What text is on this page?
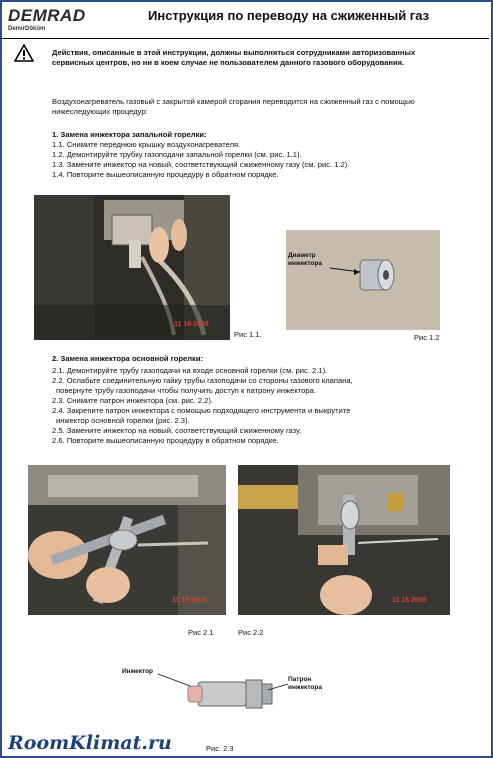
DEMRAD
DemirDöküm
Инструкция по переводу на сжиженный газ
Действия, описанные в этой инструкции, должны выполняться сотрудниками авторизованных сервисных центров, но ни в коем случае не пользователем данного газового оборудования.
Воздухонагреватель газовый с закрытой камерой сгорания переводится на сжиженный газ с помощью нижеследующих процедур:
1. Замена инжектора запальной горелки:
1.1. Снимите переднюю крышку воздухонагревателя.
1.2. Демонтируйте трубку газоподачи запальной горелки (см. рис. 1.1).
1.3. Замените инжектор на новый, соответствующий сжиженному газу (см. рис. 1.2).
1.4. Повторите вышеописанную процедуру в обратном порядке.
11 16 2005
Рис 1.1.
Диаметр инжектора
Рис 1.2
2. Замена инжектора основной горелки:
2.1. Демонтируйте трубу газоподачи на входе основной горелки (см. рис. 2.1).
2.2. Ослабьте соединительную гайку трубы газоподачи со стороны газового клапана,
повернуте трубу газоподачи чтобы получить доступ к патрону инжектора.
2.3. Снимите патрон инжектора (см. рис. 2.2).
2.4. Закрепите патрон инжектора с помощью подходящего инструмента и выкрутите
инжектор основной горелки (рис. 2.3).
2.5. Замените инжектор на новый, соответствующий сжиженному газу.
2.6. Повторите вышеописанную процедуру в обратном порядке.
11 16 2005	11 16 2005
Рис 2.1	Рис 2.2
Инжектор
Патрон инжектора
Рис. 2.3
RoomKlimat.ru
